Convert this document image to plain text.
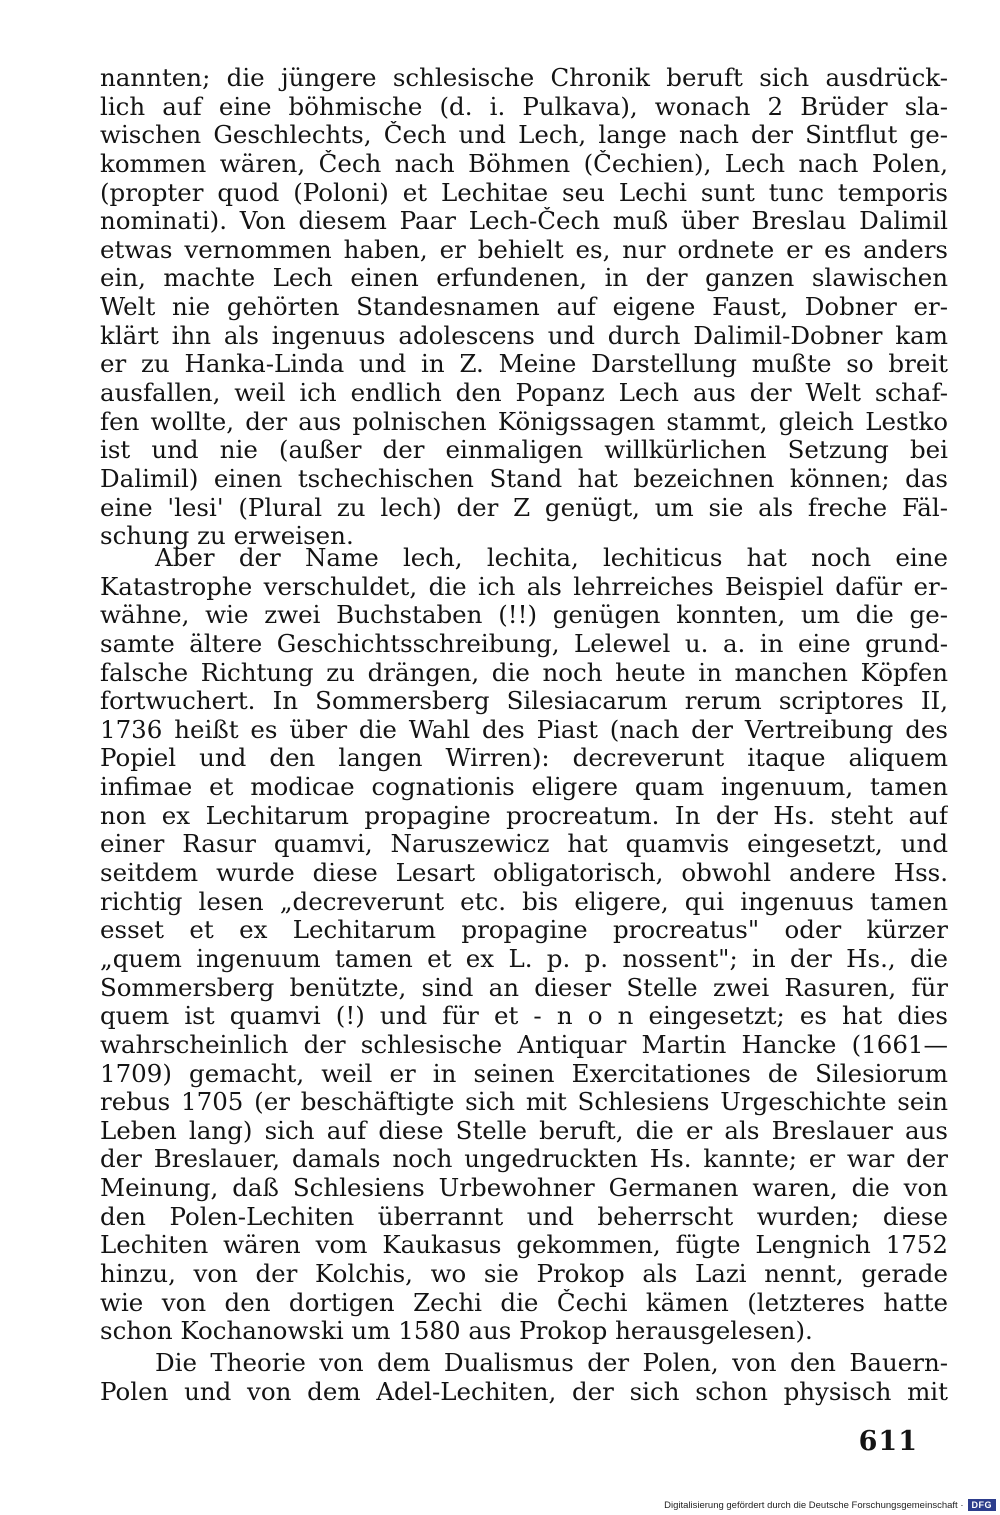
nannten; die jüngere schlesische Chronik beruft sich ausdrück-
lich auf eine böhmische (d. i. Pulkava), wonach 2 Brüder sla-
wischen Geschlechts, Čech und Lech, lange nach der Sintflut ge-
kommen wären, Čech nach Böhmen (Čechien), Lech nach Polen,
(propter quod (Poloni) et Lechitae seu Lechi sunt tunc temporis
nominati). Von diesem Paar Lech-Čech muß über Breslau Dalimil
etwas vernommen haben, er behielt es, nur ordnete er es anders
ein, machte Lech einen erfundenen, in der ganzen slawischen
Welt nie gehörten Standesnamen auf eigene Faust, Dobner er-
klärt ihn als ingenuus adolescens und durch Dalimil-Dobner kam
er zu Hanka-Linda und in Z. Meine Darstellung mußte so breit
ausfallen, weil ich endlich den Popanz Lech aus der Welt schaf-
fen wollte, der aus polnischen Königssagen stammt, gleich Lestko
ist und nie (außer der einmaligen willkürlichen Setzung bei
Dalimil) einen tschechischen Stand hat bezeichnen können; das
eine 'lesi' (Plural zu lech) der Z genügt, um sie als freche Fäl-
schung zu erweisen.
Aber der Name lech, lechita, lechiticus hat noch eine
Katastrophe verschuldet, die ich als lehrreiches Beispiel dafür er-
wähne, wie zwei Buchstaben (!!) genügen konnten, um die ge-
samte ältere Geschichtsschreibung, Lelewel u. a. in eine grund-
falsche Richtung zu drängen, die noch heute in manchen Köpfen
fortwuchert. In Sommersberg Silesiacarum rerum scriptores II,
1736 heißt es über die Wahl des Piast (nach der Vertreibung des
Popiel und den langen Wirren): decreverunt itaque aliquem
infimae et modicae cognationis eligere quam ingenuum, tamen
non ex Lechitarum propagine procreatum. In der Hs. steht auf
einer Rasur quamvi, Naruszewicz hat quamvis eingesetzt, und
seitdem wurde diese Lesart obligatorisch, obwohl andere Hss.
richtig lesen „decreverunt etc. bis eligere, qui ingenuus tamen
esset et ex Lechitarum propagine procreatus" oder kürzer
„quem ingenuum tamen et ex L. p. p. nossent"; in der Hs., die
Sommersberg benützte, sind an dieser Stelle zwei Rasuren, für
quem ist quamvi (!) und für et - n o n eingesetzt; es hat dies
wahrscheinlich der schlesische Antiquar Martin Hancke (1661—
1709) gemacht, weil er in seinen Exercitationes de Silesiorum
rebus 1705 (er beschäftigte sich mit Schlesiens Urgeschichte sein
Leben lang) sich auf diese Stelle beruft, die er als Breslauer aus
der Breslauer, damals noch ungedruckten Hs. kannte; er war der
Meinung, daß Schlesiens Urbewohner Germanen waren, die von
den Polen-Lechiten überrannt und beherrscht wurden; diese
Lechiten wären vom Kaukasus gekommen, fügte Lengnich 1752
hinzu, von der Kolchis, wo sie Prokop als Lazi nennt, gerade
wie von den dortigen Zechi die Čechi kämen (letzteres hatte
schon Kochanowski um 1580 aus Prokop herausgelesen).
Die Theorie von dem Dualismus der Polen, von den Bauern-
Polen und von dem Adel-Lechiten, der sich schon physisch mit
611
Digitalisierung gefördert durch die Deutsche Forschungsgemeinschaft · DFG
